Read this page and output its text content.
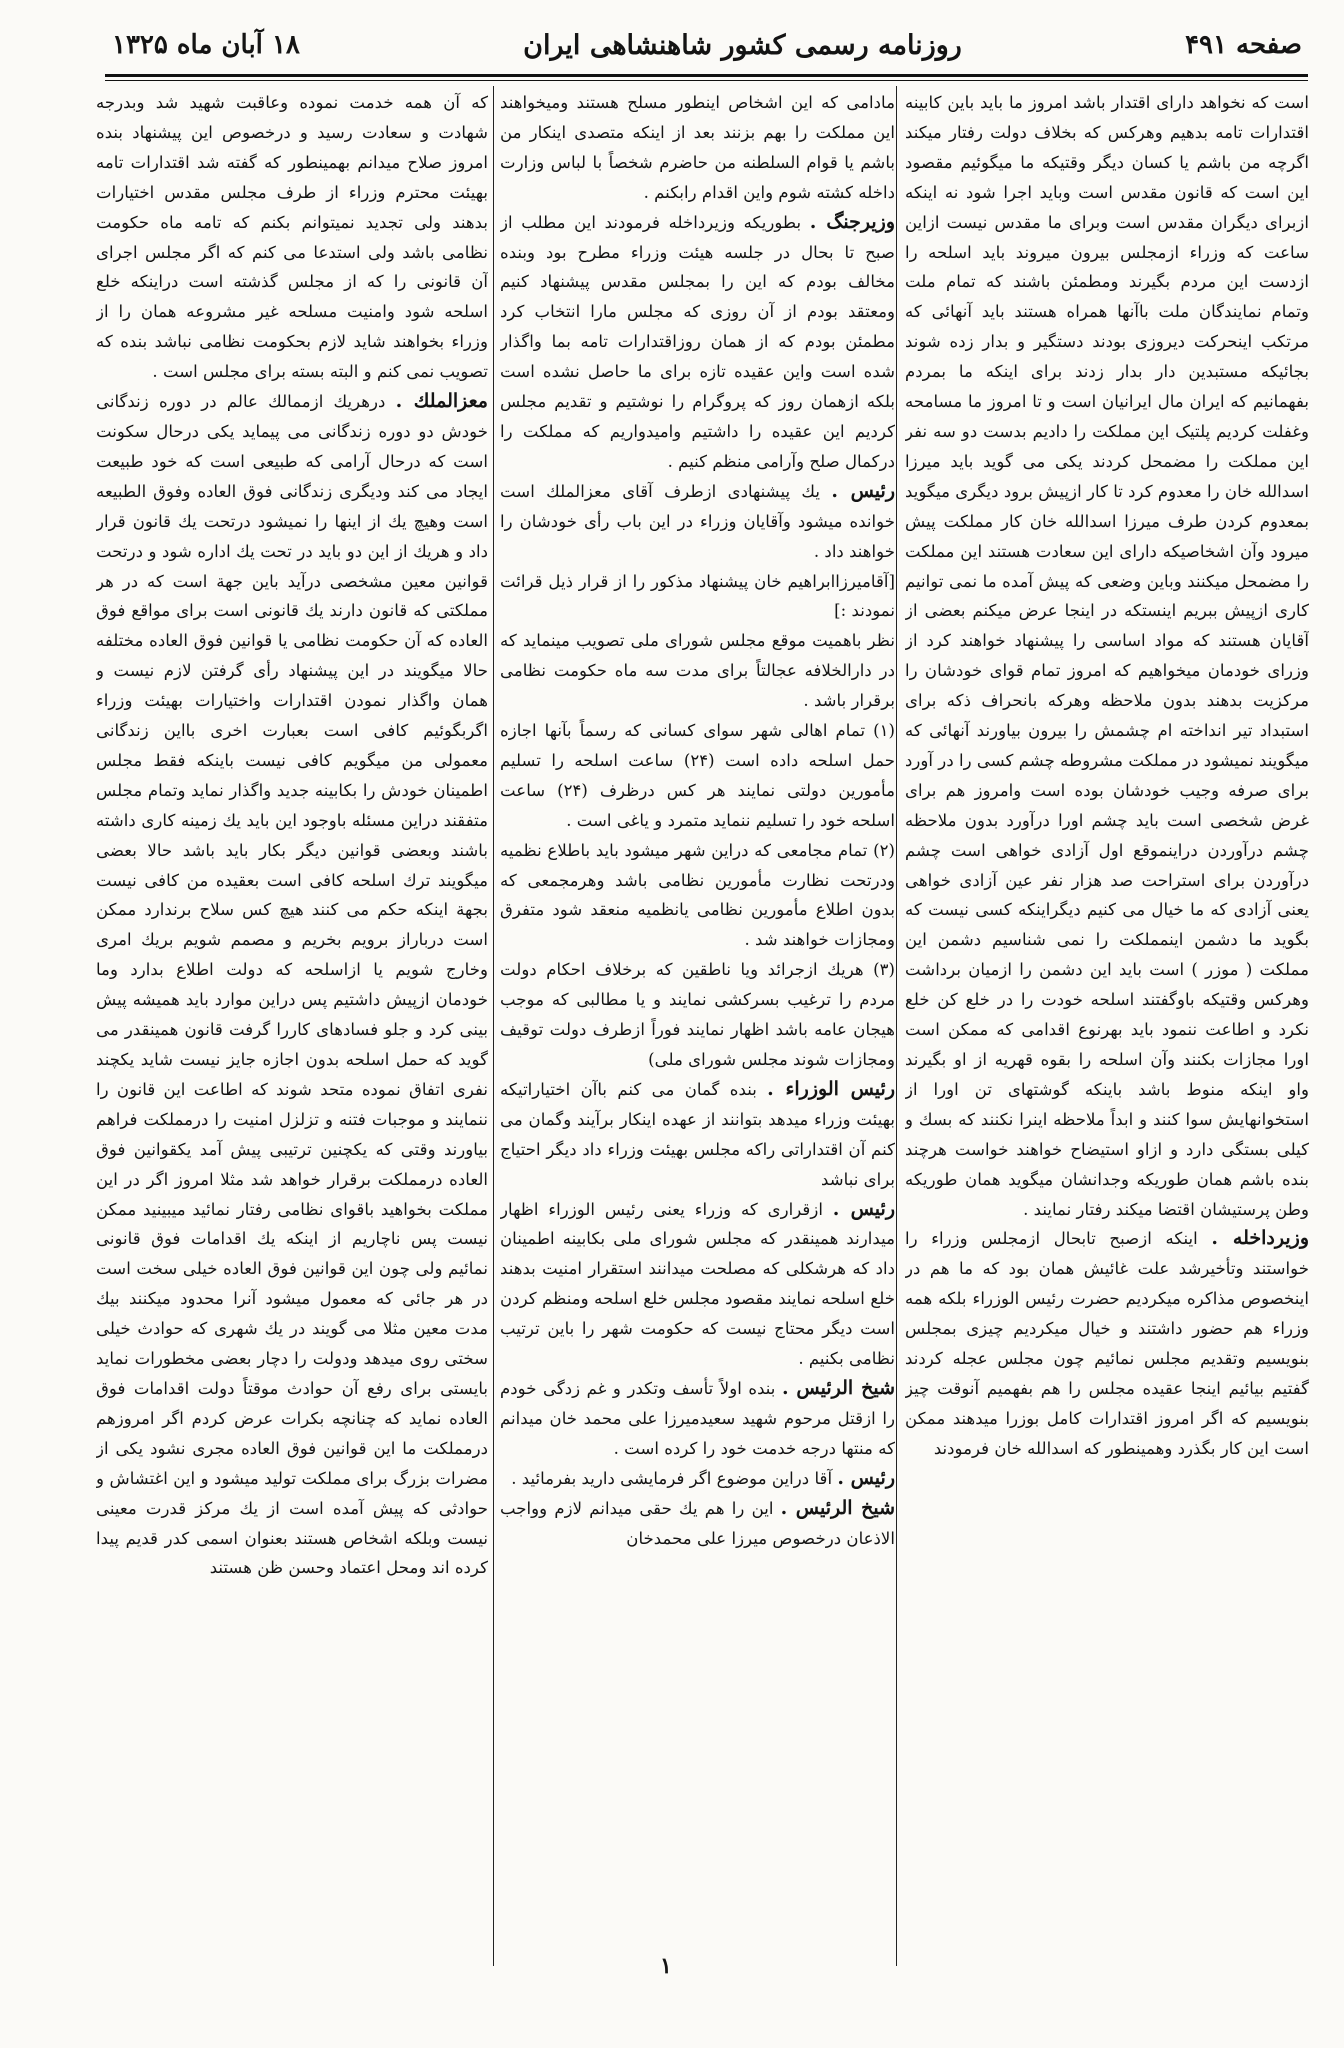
صفحه ۴۹۱
روزنامه رسمی کشور شاهنشاهی ایران
۱۸ آبان ماه ۱۳۲۵

است که نخواهد دارای اقتدار باشد امروز ما باید باین کابینه اقتدارات تامه بدهیم وهرکس که بخلاف دولت رفتار میکند اگرچه من باشم یا کسان دیگر وقتیکه ما میگوئیم مقصود این است که قانون مقدس است وباید اجرا شود نه اینکه ازبرای دیگران مقدس است وبرای ما مقدس نیست ازاین ساعت که وزراء ازمجلس بیرون میروند باید اسلحه را ازدست این مردم بگیرند ومطمئن باشند که تمام ملت وتمام نمایندگان ملت باآنها همراه هستند باید آنهائی که مرتکب اینحرکت دیروزی بودند دستگیر و بدار زده شوند بجائیکه مستبدین دار بدار زدند برای اینکه ما بمردم بفهمانیم که ایران مال ایرانیان است و تا امروز ما مسامحه وغفلت کردیم پلتیک این مملکت را دادیم بدست دو سه نفر این مملکت را مضمحل کردند یکی می گوید باید میرزا اسدالله خان را معدوم کرد تا کار ازپیش برود دیگری میگوید بمعدوم کردن طرف میرزا اسدالله خان کار مملکت پیش میرود وآن اشخاصیکه دارای این سعادت هستند این مملکت را مضمحل میکنند وباین وضعی که پیش آمده ما نمی توانیم کاری ازپیش ببریم اینستکه در اینجا عرض میکنم بعضی از آقایان هستند که مواد اساسی را پیشنهاد خواهند کرد از وزرای خودمان میخواهیم که امروز تمام قوای خودشان را مرکزیت بدهند بدون ملاحظه وهرکه بانحراف ذکه برای استبداد تیر انداخته ام چشمش را بیرون بیاورند آنهائی که میگویند نمیشود در مملکت مشروطه چشم کسی را در آورد برای صرفه وجیب خودشان بوده است وامروز هم برای غرض شخصی است باید چشم اورا درآورد بدون ملاحظه چشم درآوردن دراینموقع اول آزادی خواهی است چشم درآوردن برای استراحت صد هزار نفر عین آزادی خواهی یعنی آزادی که ما خیال می کنیم دیگراینکه کسی نیست که بگوید ما دشمن اینمملکت را نمی شناسیم دشمن این مملکت ( موزر ) است باید این دشمن را ازمیان برداشت وهرکس وقتیکه باوگفتند اسلحه خودت را در خلع کن خلع نکرد و اطاعت ننمود باید بهرنوع اقدامی که ممکن است اورا مجازات بکنند وآن اسلحه را بقوه قهریه از او بگیرند واو اینکه منوط باشد باینکه گوشتهای تن اورا از استخوانهایش سوا کنند و ابداً ملاحظه اینرا نکنند که بسك و کیلی بستگی دارد و ازاو استیضاح خواهند خواست هرچند بنده باشم همان طوریکه وجدانشان میگوید همان طوریکه وطن پرستیشان اقتضا میکند رفتار نمایند .

وزیرداخله . اینکه ازصبح تابحال ازمجلس وزراء را خواستند وتأخیرشد علت غائیش همان بود که ما هم در اینخصوص مذاکره میکردیم حضرت رئیس الوزراء بلکه همه وزراء هم حضور داشتند و خیال میکردیم چیزی بمجلس بنویسیم وتقدیم مجلس نمائیم چون مجلس عجله کردند گفتیم بیائیم اینجا عقیده مجلس را هم بفهمیم آنوقت چیز بنویسیم که اگر امروز اقتدارات کامل بوزرا میدهند ممکن است این کار بگذرد وهمینطور که اسدالله خان فرمودند

مادامی که این اشخاص اینطور مسلح هستند ومیخواهند این مملکت را بهم بزنند بعد از اینکه متصدی اینکار من باشم یا قوام السلطنه من حاضرم شخصاً با لباس وزارت داخله کشته شوم واین اقدام رابکنم .

وزیرجنگ . بطوریکه وزیرداخله فرمودند این مطلب از صبح تا بحال در جلسه هیئت وزراء مطرح بود وبنده مخالف بودم که این را بمجلس مقدس پیشنهاد کنیم ومعتقد بودم از آن روزی که مجلس مارا انتخاب کرد مطمئن بودم که از همان روزاقتدارات تامه بما واگذار شده است واین عقیده تازه برای ما حاصل نشده است بلکه ازهمان روز که پروگرام را نوشتیم و تقدیم مجلس کردیم این عقیده را داشتیم وامیدواریم که مملکت را درکمال صلح وآرامی منظم کنیم .

رئیس . یك پیشنهادی ازطرف آقای معزالملك است خوانده میشود وآقایان وزراء در این باب رأی خودشان را خواهند داد .

[آقامیرزاابراهیم خان پیشنهاد مذکور را از قرار ذیل قرائت نمودند :]

نظر باهمیت موقع مجلس شورای ملی تصویب مینماید که در دارالخلافه عجالتاً برای مدت سه ماه حکومت نظامی برقرار باشد .

(۱) تمام اهالی شهر سوای کسانی که رسماً بآنها اجازه حمل اسلحه داده است (۲۴) ساعت اسلحه را تسلیم مأمورین دولتی نمایند هر کس درظرف (۲۴) ساعت اسلحه خود را تسلیم ننماید متمرد و یاغی است .

(۲) تمام مجامعی که دراین شهر میشود باید باطلاع نظمیه ودرتحت نظارت مأمورین نظامی باشد وهرمجمعی که بدون اطلاع مأمورین نظامی یانظمیه منعقد شود متفرق ومجازات خواهند شد .

(۳) هریك ازجرائد ویا ناطقین که برخلاف احکام دولت مردم را ترغیب بسرکشی نمایند و یا مطالبی که موجب هیجان عامه باشد اظهار نمایند فوراً ازطرف دولت توقیف ومجازات شوند مجلس شورای ملی)

رئیس الوزراء . بنده گمان می کنم باآن اختیاراتیکه بهیئت وزراء میدهد بتوانند از عهده اینکار برآیند وگمان می کنم آن اقتداراتی راکه مجلس بهیئت وزراء داد دیگر احتیاج برای نباشد

رئیس . ازقراری که وزراء یعنی رئیس الوزراء اظهار میدارند همینقدر که مجلس شورای ملی بکابینه اطمینان داد که هرشکلی که مصلحت میدانند استقرار امنیت بدهند خلع اسلحه نمایند مقصود مجلس خلع اسلحه ومنظم کردن است دیگر محتاج نیست که حکومت شهر را باین ترتیب نظامی بکنیم .

شیخ الرئیس . بنده اولاً تأسف وتکدر و غم زدگی خودم را ازقتل مرحوم شهید سعیدمیرزا علی محمد خان میدانم که منتها درجه خدمت خود را کرده است .

رئیس . آقا دراین موضوع اگر فرمایشی دارید بفرمائید .

شیخ الرئیس . این را هم یك حقی میدانم لازم وواجب الاذعان درخصوص میرزا علی محمدخان

که آن همه خدمت نموده وعاقبت شهید شد وبدرجه شهادت و سعادت رسید و درخصوص این پیشنهاد بنده امروز صلاح میدانم بهمینطور که گفته شد اقتدارات تامه بهیئت محترم وزراء از طرف مجلس مقدس اختیارات بدهند ولی تجدید نمیتوانم بکنم که تامه ماه حکومت نظامی باشد ولی استدعا می کنم که اگر مجلس اجرای آن قانونی را که از مجلس گذشته است دراینکه خلع اسلحه شود وامنیت مسلحه غیر مشروعه همان را از وزراء بخواهند شاید لازم بحکومت نظامی نباشد بنده که تصویب نمی کنم و البته بسته برای مجلس است .

معزالملك . درهریك ازممالك عالم در دوره زندگانی خودش دو دوره زندگانی می پیماید یکی درحال سکونت است که درحال آرامی که طبیعی است که خود طبیعت ایجاد می کند ودیگری زندگانی فوق العاده وفوق الطبیعه است وهیچ یك از اینها را نمیشود درتحت یك قانون قرار داد و هریك از این دو باید در تحت یك اداره شود و درتحت قوانین معین مشخصی درآید باین جهة است که در هر مملکتی که قانون دارند یك قانونی است برای مواقع فوق العاده که آن حکومت نظامی یا قوانین فوق العاده مختلفه حالا میگویند در این پیشنهاد رأی گرفتن لازم نیست و همان واگذار نمودن اقتدارات واختیارات بهیئت وزراء اگربگوئیم کافی است بعبارت اخری بااین زندگانی معمولی من میگویم کافی نیست باینکه فقط مجلس اطمینان خودش را بکابینه جدید واگذار نماید وتمام مجلس متفقند دراین مسئله باوجود این باید یك زمینه کاری داشته باشند وبعضی قوانین دیگر بکار باید باشد حالا بعضی میگویند ترك اسلحه کافی است بعقیده من کافی نیست بجهة اینکه حکم می کنند هیچ کس سلاح برندارد ممکن است درباراز برویم بخریم و مصمم شویم بریك امری وخارج شویم یا ازاسلحه که دولت اطلاع بدارد وما خودمان ازپیش داشتیم پس دراین موارد باید همیشه پیش بینی کرد و جلو فسادهای کاررا گرفت قانون همینقدر می گوید که حمل اسلحه بدون اجازه جایز نیست شاید یکچند نفری اتفاق نموده متحد شوند که اطاعت این قانون را ننمایند و موجبات فتنه و تزلزل امنیت را درمملکت فراهم بیاورند وقتی که یکچنین ترتیبی پیش آمد یکقوانین فوق العاده درمملکت برقرار خواهد شد مثلا امروز اگر در این مملکت بخواهید باقوای نظامی رفتار نمائید میبینید ممکن نیست پس ناچاریم از اینکه یك اقدامات فوق قانونی نمائیم ولی چون این قوانین فوق العاده خیلی سخت است در هر جائی که معمول میشود آنرا محدود میکنند بیك مدت معین مثلا می گویند در یك شهری که حوادث خیلی سختی روی میدهد ودولت را دچار بعضی مخطورات نماید بایستی برای رفع آن حوادث موقتاً دولت اقدامات فوق العاده نماید که چنانچه بکرات عرض کردم اگر امروزهم درمملکت ما این قوانین فوق العاده مجری نشود یکی از مضرات بزرگ برای مملکت تولید میشود و این اغتشاش و حوادثی که پیش آمده است از یك مرکز قدرت معینی نیست وبلکه اشخاص هستند بعنوان اسمی کدر قدیم پیدا کرده اند ومحل اعتماد وحسن ظن هستند

۱
